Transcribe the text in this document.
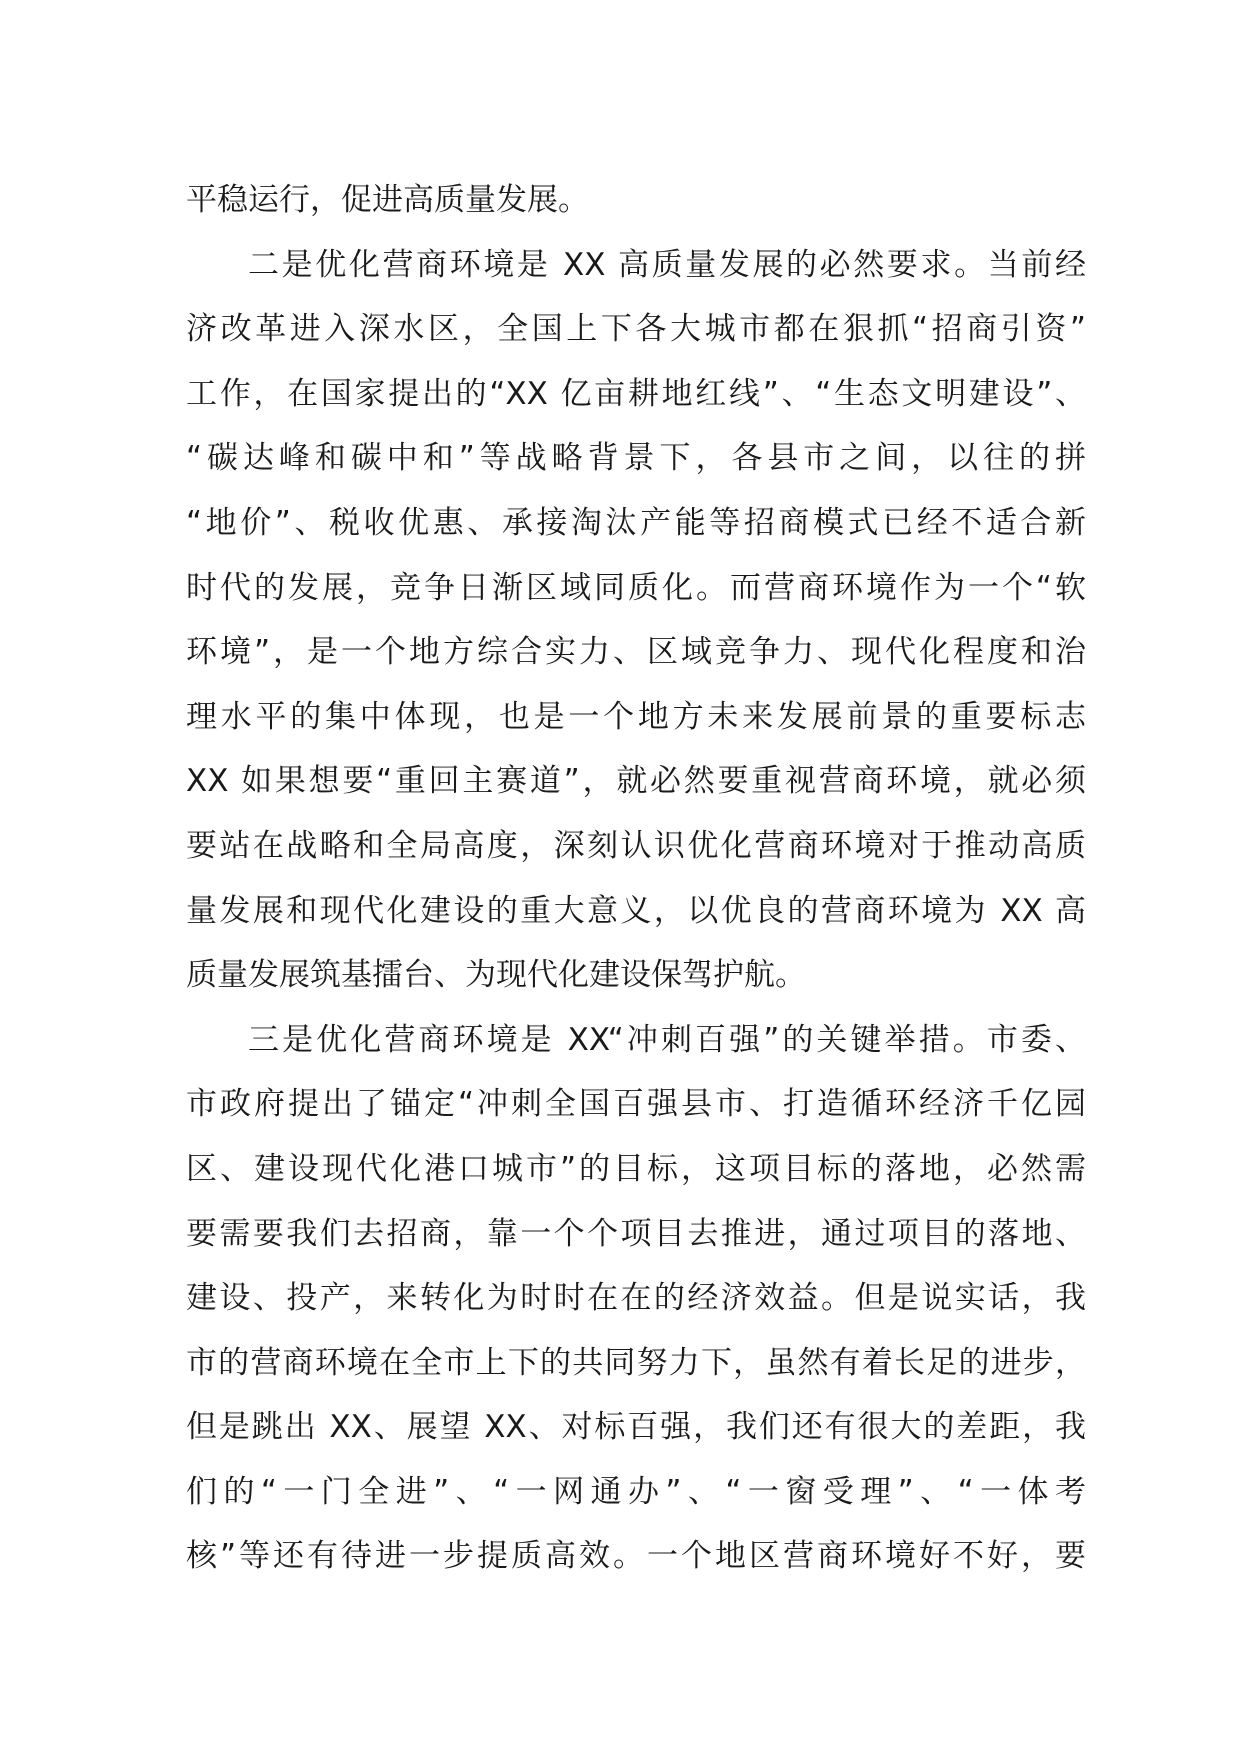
平稳运行，促进高质量发展。
二是优化营商环境是 XX 高质量发展的必然要求。当前经
济改革进入深水区，全国上下各大城市都在狠抓“招商引资”
工作，在国家提出的“XX 亿亩耕地红线”、“生态文明建设”、
“碳达峰和碳中和”等战略背景下，各县市之间，以往的拼
“地价”、税收优惠、承接淘汰产能等招商模式已经不适合新
时代的发展，竞争日渐区域同质化。而营商环境作为一个“软
环境”，是一个地方综合实力、区域竞争力、现代化程度和治
理水平的集中体现，也是一个地方未来发展前景的重要标志
XX 如果想要“重回主赛道”，就必然要重视营商环境，就必须
要站在战略和全局高度，深刻认识优化营商环境对于推动高质
量发展和现代化建设的重大意义，以优良的营商环境为 XX 高
质量发展筑基擂台、为现代化建设保驾护航。
三是优化营商环境是 XX“冲刺百强”的关键举措。市委、
市政府提出了锚定“冲刺全国百强县市、打造循环经济千亿园
区、建设现代化港口城市”的目标，这项目标的落地，必然需
要需要我们去招商，靠一个个项目去推进，通过项目的落地、
建设、投产，来转化为时时在在的经济效益。但是说实话，我
市的营商环境在全市上下的共同努力下，虽然有着长足的进步，
但是跳出 XX、展望 XX、对标百强，我们还有很大的差距，我
们的“一门全进”、“一网通办”、“一窗受理”、“一体考
核”等还有待进一步提质高效。一个地区营商环境好不好，要
